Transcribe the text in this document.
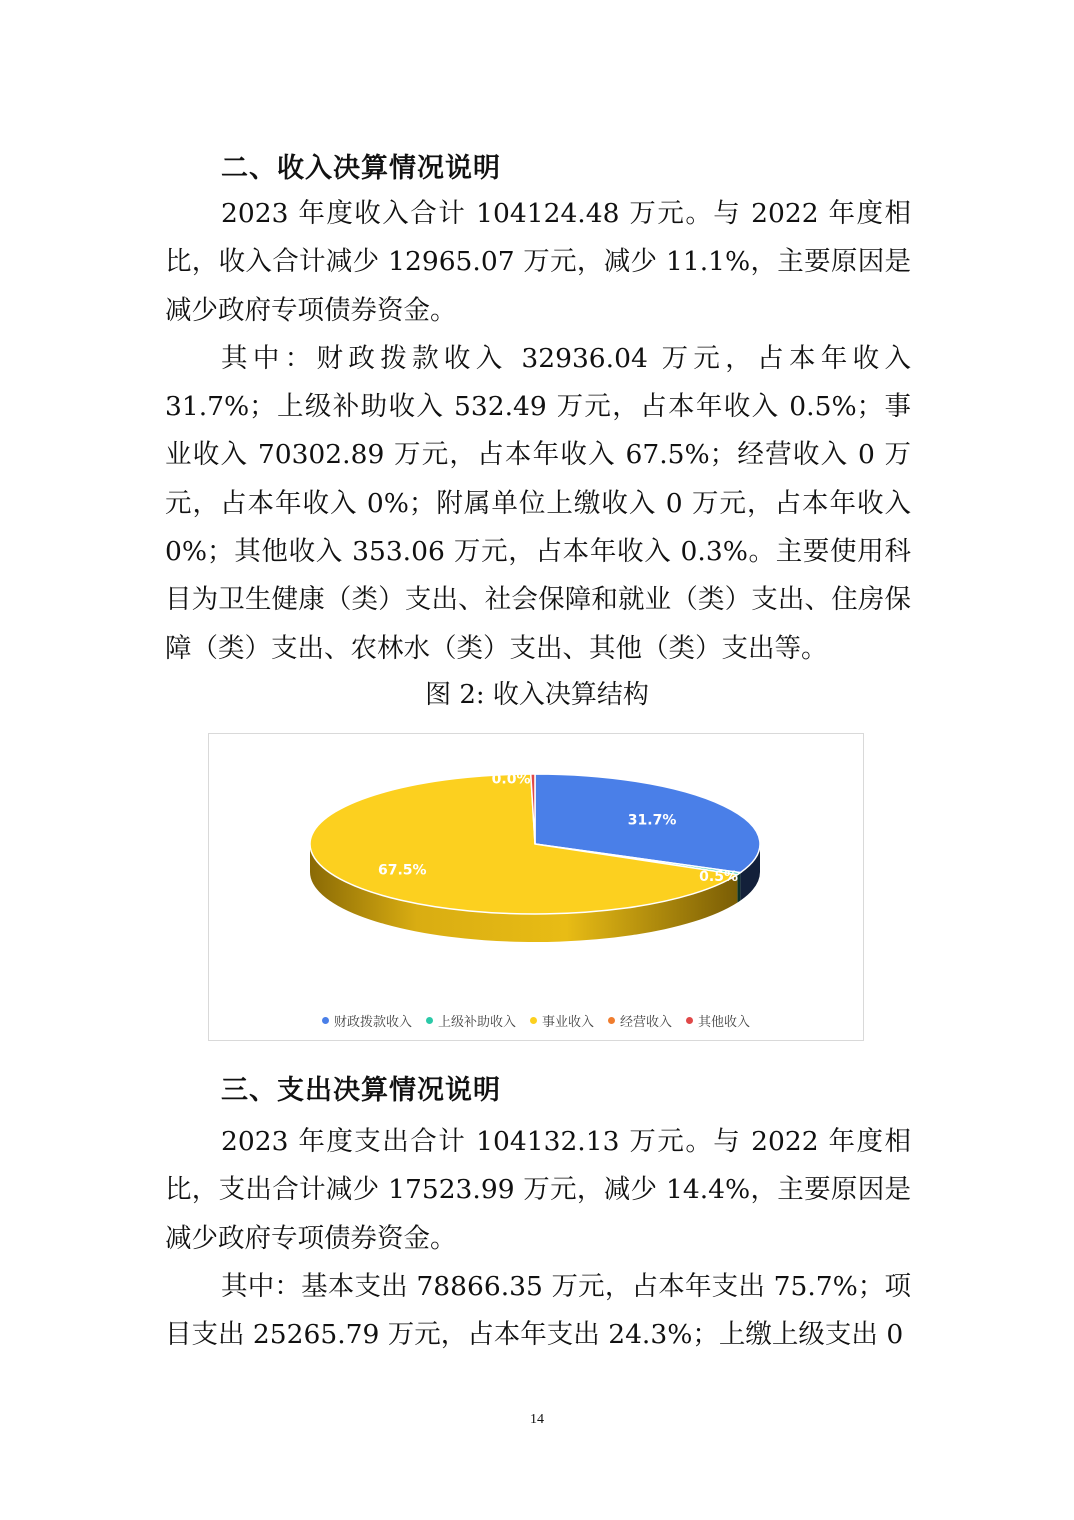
二、收入决算情况说明

2023 年度收入合计 104124.48 万元。与 2022 年度相比，收入合计减少 12965.07 万元，减少 11.1%，主要原因是减少政府专项债券资金。

其中：财政拨款收入 32936.04 万元，占本年收入 31.7%；上级补助收入 532.49 万元，占本年收入 0.5%；事业收入 70302.89 万元，占本年收入 67.5%；经营收入 0 万元，占本年收入 0%；附属单位上缴收入 0 万元，占本年收入 0%；其他收入 353.06 万元，占本年收入 0.3%。主要使用科目为卫生健康（类）支出、社会保障和就业（类）支出、住房保障（类）支出、农林水（类）支出、其他（类）支出等。

图 2: 收入决算结构
31.7%
0.5%
67.5%
0.0%
财政拨款收入 上级补助收入 事业收入 经营收入 其他收入
三、支出决算情况说明

2023 年度支出合计 104132.13 万元。与 2022 年度相比，支出合计减少 17523.99 万元，减少 14.4%，主要原因是减少政府专项债券资金。

其中：基本支出 78866.35 万元，占本年支出 75.7%；项目支出 25265.79 万元，占本年支出 24.3%；上缴上级支出 0

14
